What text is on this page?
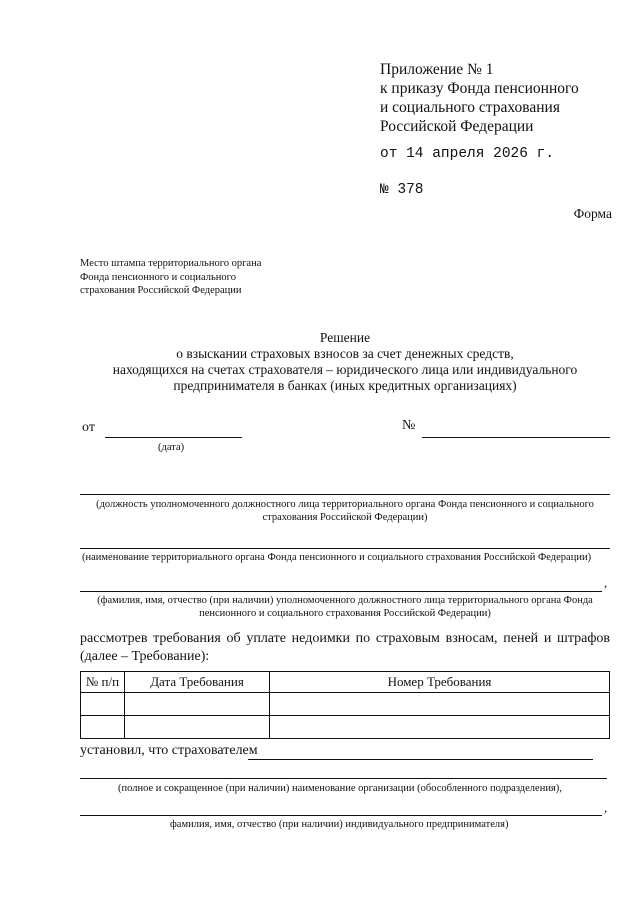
Приложение № 1
к приказу Фонда пенсионного
и социального страхования
Российской Федерации
от 14 апреля 2026 г.
№ 378
Форма
Место штампа территориального органа
Фонда пенсионного и социального
страхования Российской Федерации
Решение
о взыскании страховых взносов за счет денежных средств,
находящихся на счетах страхователя – юридического лица или индивидуального
предпринимателя в банках (иных кредитных организациях)
от
(дата)
№
(должность уполномоченного должностного лица территориального органа Фонда пенсионного и социального страхования Российской Федерации)
(наименование территориального органа Фонда пенсионного и социального страхования Российской Федерации)
,
(фамилия, имя, отчество (при наличии) уполномоченного должностного лица территориального органа Фонда пенсионного и социального страхования Российской Федерации)
рассмотрев требования об уплате недоимки по страховым взносам, пеней и штрафов (далее – Требование):
№ п/п	Дата Требования	Номер Требования

установил, что страхователем
(полное и сокращенное (при наличии) наименование организации (обособленного подразделения),
,
фамилия, имя, отчество (при наличии) индивидуального предпринимателя)
